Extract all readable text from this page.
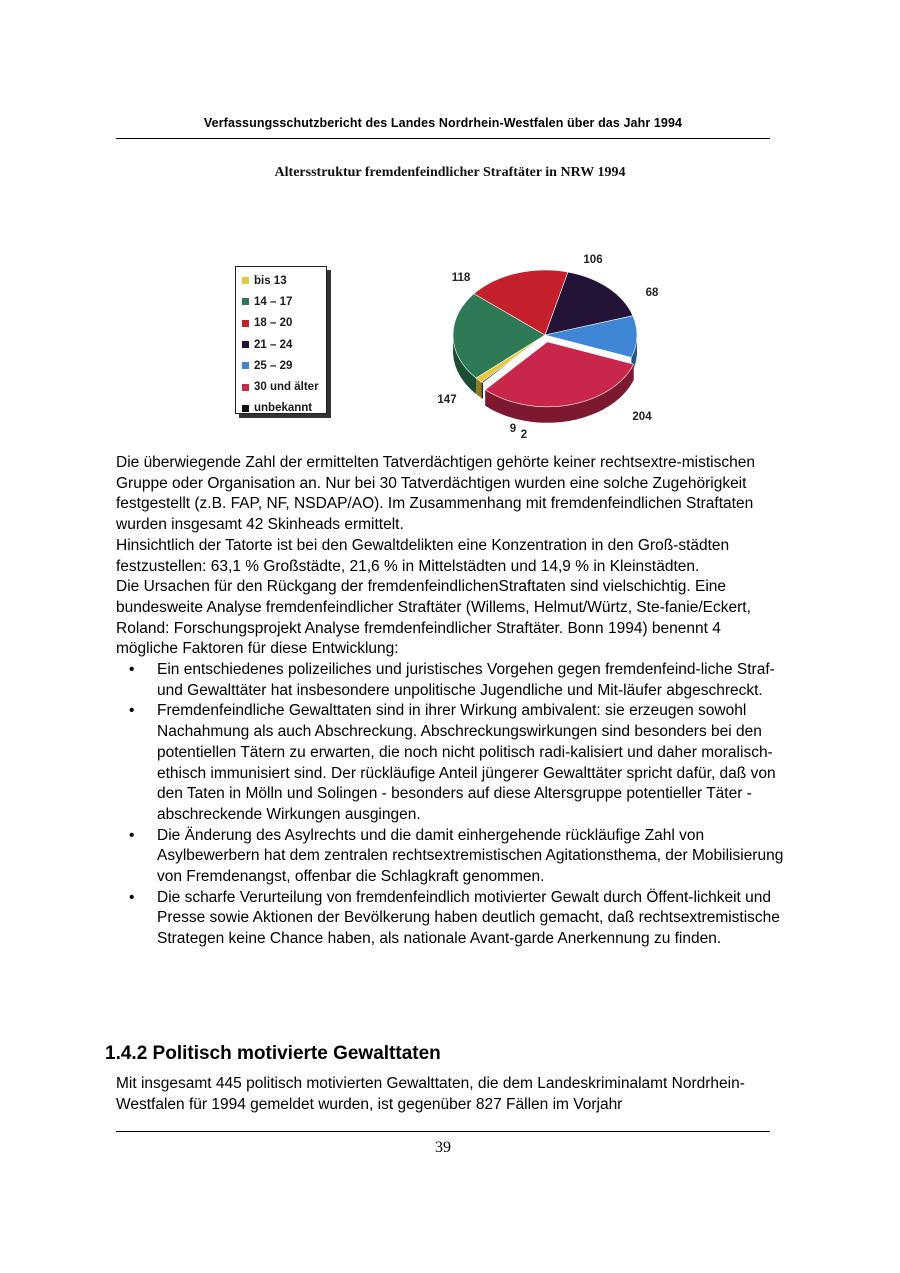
Verfassungsschutzbericht des Landes Nordrhein-Westfalen über das Jahr 1994
Altersstruktur fremdenfeindlicher Straftäter in NRW 1994
bis 13
14 – 17
18 – 20
21 – 24
25 – 29
30 und älter
unbekannt
106
68
204
2
9
147
118

Die überwiegende Zahl der ermittelten Tatverdächtigen gehörte keiner rechtsextre-mistischen Gruppe oder Organisation an. Nur bei 30 Tatverdächtigen wurden eine solche Zugehörigkeit festgestellt (z.B. FAP, NF, NSDAP/AO). Im Zusammenhang mit fremdenfeindlichen Straftaten wurden insgesamt 42 Skinheads ermittelt.

Hinsichtlich der Tatorte ist bei den Gewaltdelikten eine Konzentration in den Groß-städten festzustellen: 63,1 % Großstädte, 21,6 % in Mittelstädten und 14,9 % in Kleinstädten.

Die Ursachen für den Rückgang der fremdenfeindlichenStraftaten sind vielschichtig. Eine bundesweite Analyse fremdenfeindlicher Straftäter (Willems, Helmut/Würtz, Ste-fanie/Eckert, Roland: Forschungsprojekt Analyse fremdenfeindlicher Straftäter. Bonn 1994) benennt 4 mögliche Faktoren für diese Entwicklung:

• Ein entschiedenes polizeiliches und juristisches Vorgehen gegen fremdenfeind-liche Straf- und Gewalttäter hat insbesondere unpolitische Jugendliche und Mit-läufer abgeschreckt.
• Fremdenfeindliche Gewalttaten sind in ihrer Wirkung ambivalent: sie erzeugen sowohl Nachahmung als auch Abschreckung. Abschreckungswirkungen sind besonders bei den potentiellen Tätern zu erwarten, die noch nicht politisch radi-kalisiert und daher moralisch- ethisch immunisiert sind. Der rückläufige Anteil jüngerer Gewalttäter spricht dafür, daß von den Taten in Mölln und Solingen - besonders auf diese Altersgruppe potentieller Täter - abschreckende Wirkungen ausgingen.
• Die Änderung des Asylrechts und die damit einhergehende rückläufige Zahl von Asylbewerbern hat dem zentralen rechtsextremistischen Agitationsthema, der Mobilisierung von Fremdenangst, offenbar die Schlagkraft genommen.
• Die scharfe Verurteilung von fremdenfeindlich motivierter Gewalt durch Öffent-lichkeit und Presse sowie Aktionen der Bevölkerung haben deutlich gemacht, daß rechtsextremistische Strategen keine Chance haben, als nationale Avant-garde Anerkennung zu finden.
1.4.2 Politisch motivierte Gewalttaten
Mit insgesamt 445 politisch motivierten Gewalttaten, die dem Landeskriminalamt Nordrhein- Westfalen für 1994 gemeldet wurden, ist gegenüber 827 Fällen im Vorjahr
39
